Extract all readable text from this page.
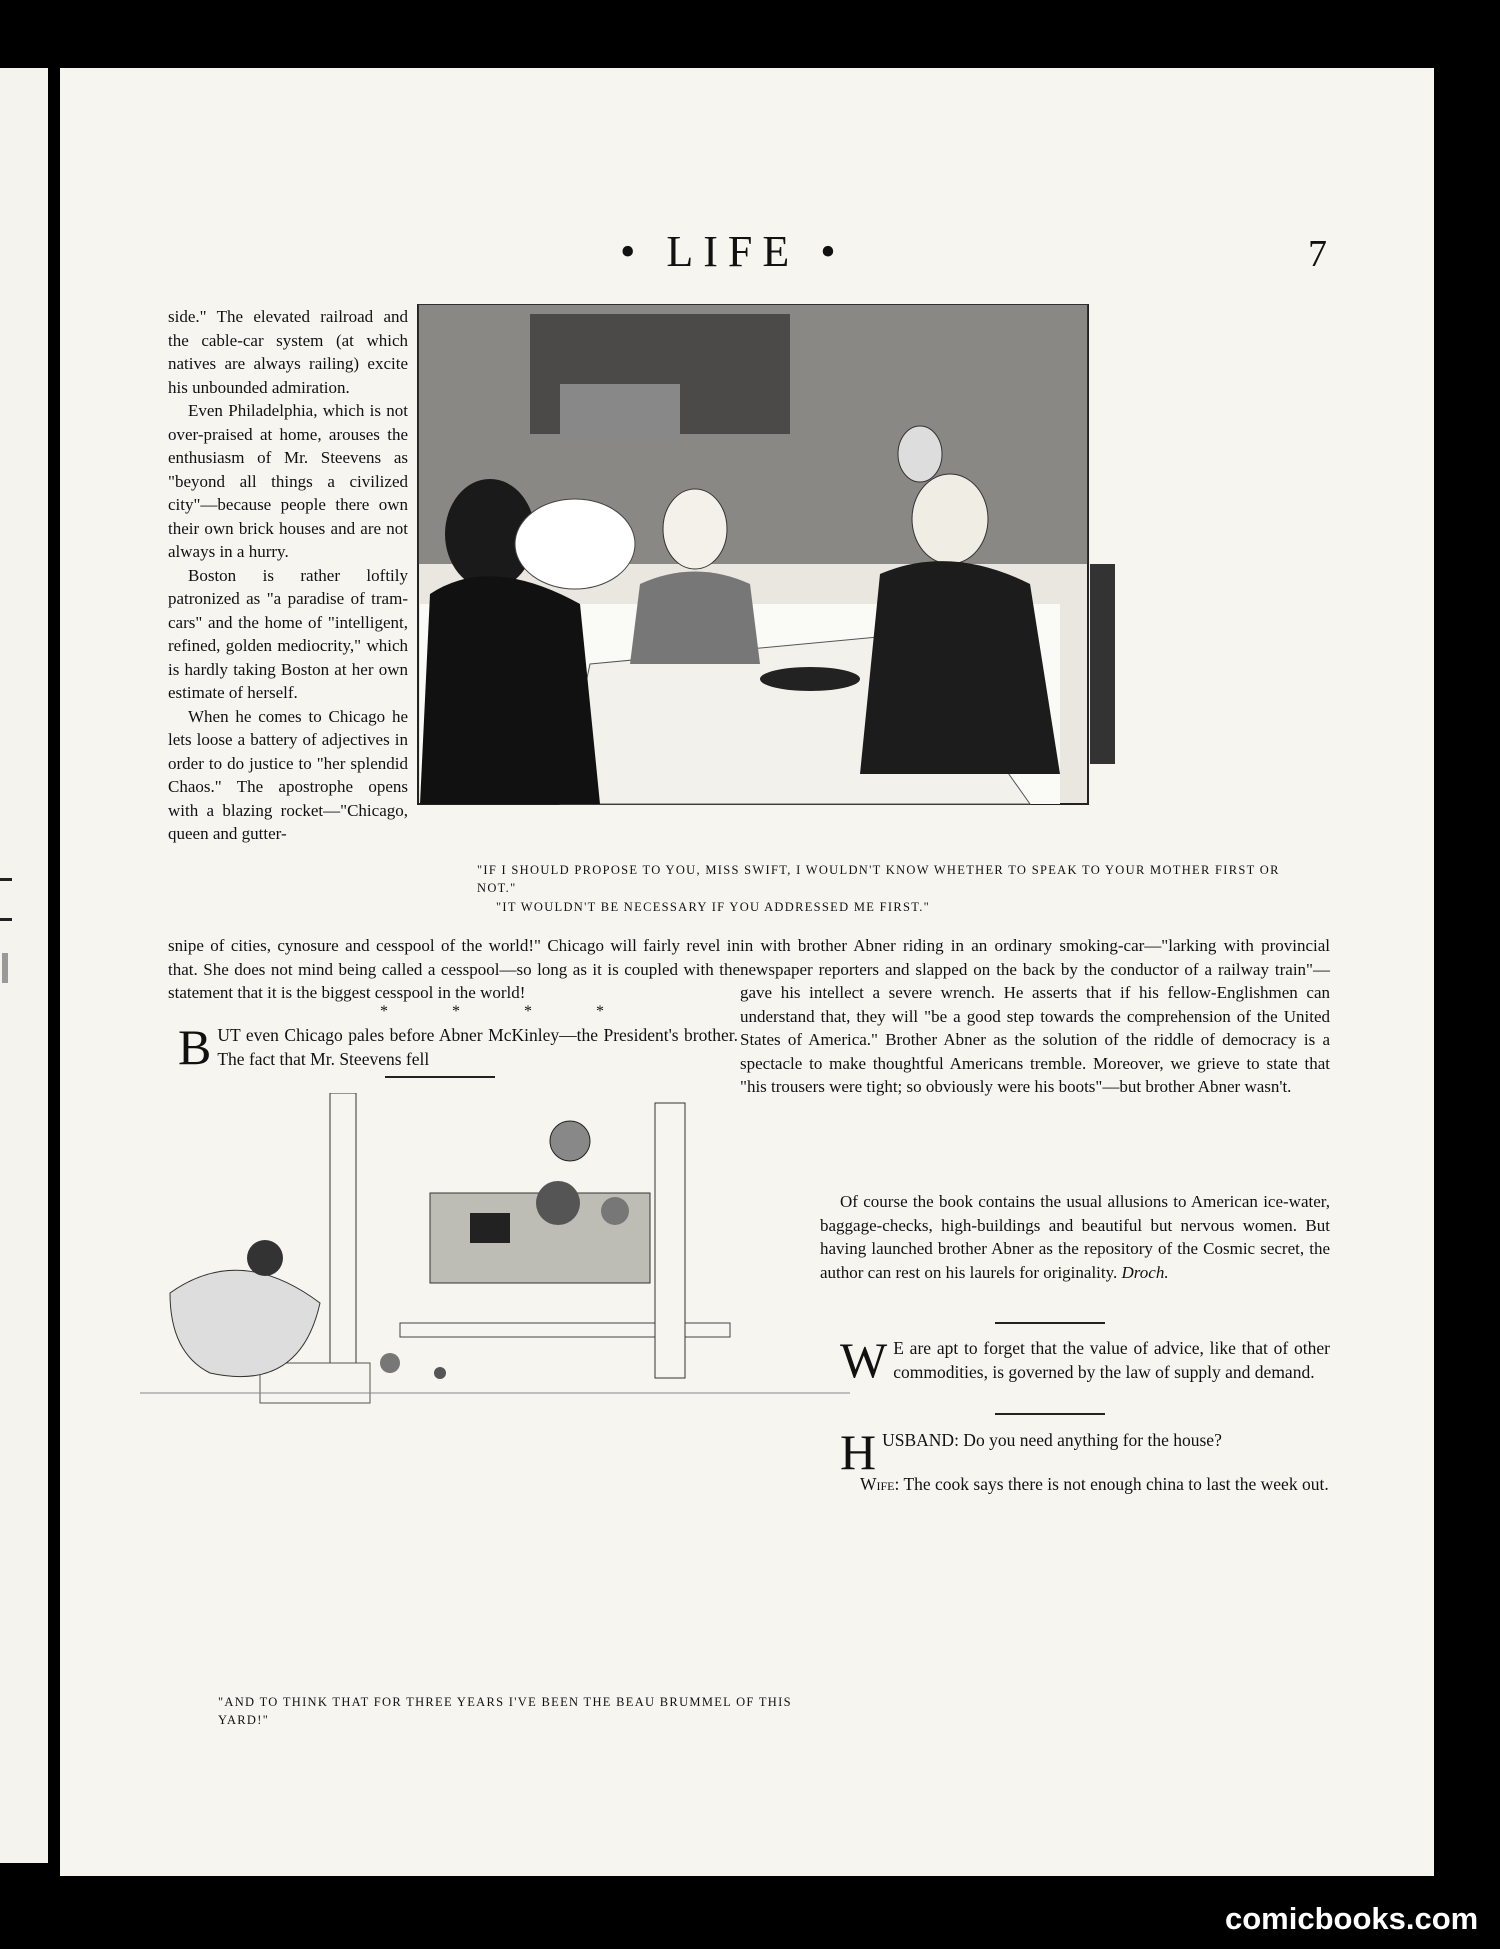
• LIFE •	7

side." The elevated railroad and the cable-car system (at which natives are always railing) excite his unbounded admiration.

Even Philadelphia, which is not over-praised at home, arouses the enthusiasm of Mr. Steevens as "beyond all things a civilized city"—because people there own their own brick houses and are not always in a hurry.

Boston is rather loftily patronized as "a paradise of tram-cars" and the home of "intelligent, refined, golden mediocrity," which is hardly taking Boston at her own estimate of herself.

When he comes to Chicago he lets loose a battery of adjectives in order to do justice to "her splendid Chaos." The apostrophe opens with a blazing rocket—"Chicago, queen and gutter-

"IF I SHOULD PROPOSE TO YOU, MISS SWIFT, I WOULDN'T KNOW WHETHER TO SPEAK TO YOUR MOTHER FIRST OR NOT."
"IT WOULDN'T BE NECESSARY IF YOU ADDRESSED ME FIRST."
snipe of cities, cynosure and cesspool of the world!" Chicago will fairly revel in that. She does not mind being called a cesspool—so long as it is coupled with the statement that it is the biggest cesspool in the world!
* * * *
B UT even Chicago pales before Abner McKinley—the President's brother. The fact that Mr. Steevens fell
"AND TO THINK THAT FOR THREE YEARS I'VE BEEN THE BEAU BRUMMEL OF THIS YARD!"
in with brother Abner riding in an ordinary smoking-car—"larking with provincial newspaper reporters and slapped on the back by the conductor of a railway train"—gave his intellect a severe wrench. He asserts that if his fellow-Englishmen can understand that, they will "be a good step towards the comprehension of the United States of America." Brother Abner as the solution of the riddle of democracy is a spectacle to make thoughtful Americans tremble. Moreover, we grieve to state that "his trousers were tight; so obviously were his boots"—but brother Abner wasn't.
Of course the book contains the usual allusions to American ice-water, baggage-checks, high-buildings and beautiful but nervous women. But having launched brother Abner as the repository of the Cosmic secret, the author can rest on his laurels for originality. Droch.
W E are apt to forget that the value of advice, like that of other commodities, is governed by the law of supply and demand.
H USBAND: Do you need anything for the house?
Wife: The cook says there is not enough china to last the week out.
comicbooks.com
